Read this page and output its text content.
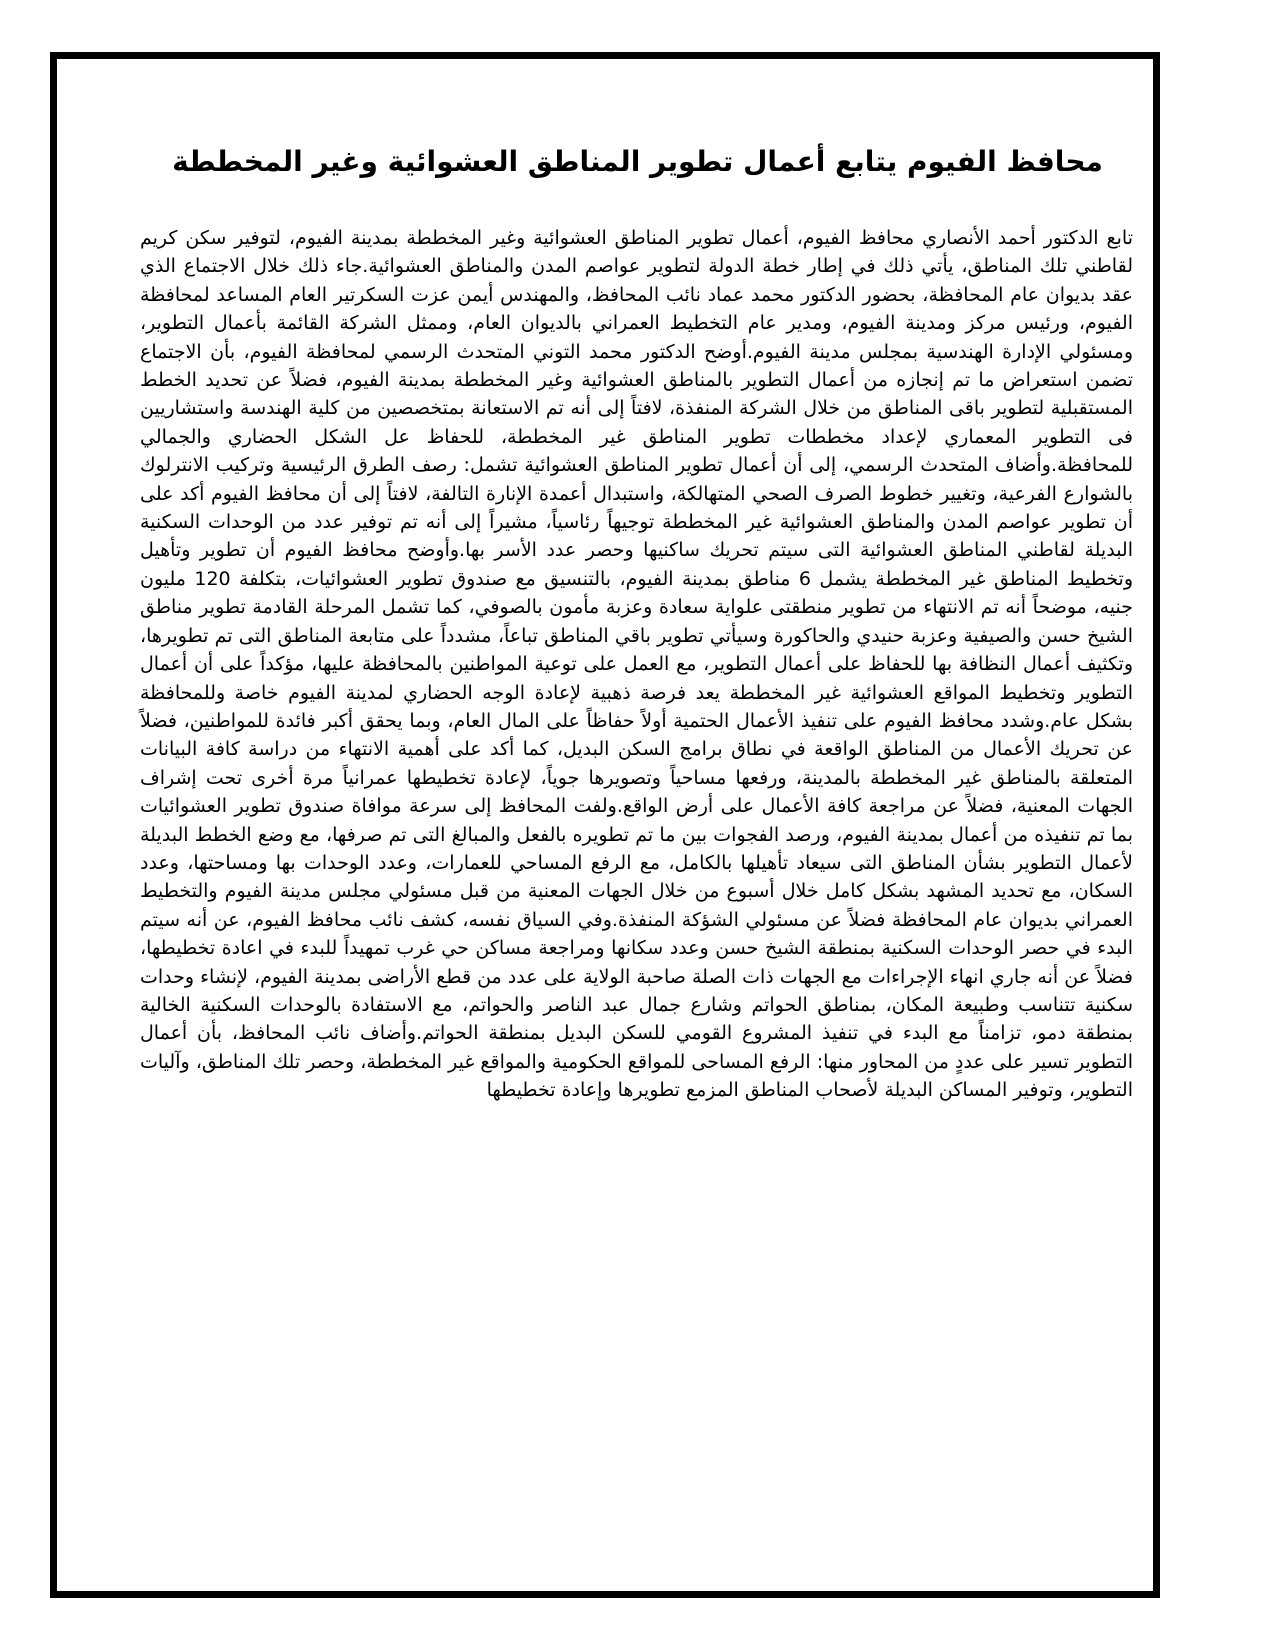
محافظ الفيوم يتابع أعمال تطوير المناطق العشوائية وغير المخططة

تابع الدكتور أحمد الأنصاري محافظ الفيوم، أعمال تطوير المناطق العشوائية وغير المخططة بمدينة الفيوم، لتوفير سكن كريم لقاطني تلك المناطق، يأتي ذلك في إطار خطة الدولة لتطوير عواصم المدن والمناطق العشوائية.جاء ذلك خلال الاجتماع الذي عقد بديوان عام المحافظة، بحضور الدكتور محمد عماد نائب المحافظ، والمهندس أيمن عزت السكرتير العام المساعد لمحافظة الفيوم، ورئيس مركز ومدينة الفيوم، ومدير عام التخطيط العمراني بالديوان العام، وممثل الشركة القائمة بأعمال التطوير، ومسئولي الإدارة الهندسية بمجلس مدينة الفيوم.أوضح الدكتور محمد التوني المتحدث الرسمي لمحافظة الفيوم، بأن الاجتماع تضمن استعراض ما تم إنجازه من أعمال التطوير بالمناطق العشوائية وغير المخططة بمدينة الفيوم، فضلاً عن تحديد الخطط المستقبلية لتطوير باقى المناطق من خلال الشركة المنفذة، لافتاً إلى أنه تم الاستعانة بمتخصصين من كلية الهندسة واستشاريين فى التطوير المعماري لإعداد مخططات تطوير المناطق غير المخططة، للحفاظ عل الشكل الحضاري والجمالي للمحافظة.وأضاف المتحدث الرسمي، إلى أن أعمال تطوير المناطق العشوائية تشمل: رصف الطرق الرئيسية وتركيب الانترلوك بالشوارع الفرعية، وتغيير خطوط الصرف الصحي المتهالكة، واستبدال أعمدة الإنارة التالفة، لافتاً إلى أن محافظ الفيوم أكد على أن تطوير عواصم المدن والمناطق العشوائية غير المخططة توجيهاً رئاسياً، مشيراً إلى أنه تم توفير عدد من الوحدات السكنية البديلة لقاطني المناطق العشوائية التى سيتم تحريك ساكنيها وحصر عدد الأسر بها.وأوضح محافظ الفيوم أن تطوير وتأهيل وتخطيط المناطق غير المخططة يشمل 6 مناطق بمدينة الفيوم، بالتنسيق مع صندوق تطوير العشوائيات، بتكلفة 120 مليون جنيه، موضحاً أنه تم الانتهاء من تطوير منطقتى علواية سعادة وعزبة مأمون بالصوفي، كما تشمل المرحلة القادمة تطوير مناطق الشيخ حسن والصيفية وعزبة حنيدي والحاكورة وسيأتي تطوير باقي المناطق تباعاً، مشدداً على متابعة المناطق التى تم تطويرها، وتكثيف أعمال النظافة بها للحفاظ على أعمال التطوير، مع العمل على توعية المواطنين بالمحافظة عليها، مؤكداً على أن أعمال التطوير وتخطيط المواقع العشوائية غير المخططة يعد فرصة ذهبية لإعادة الوجه الحضاري لمدينة الفيوم خاصة وللمحافظة بشكل عام.وشدد محافظ الفيوم على تنفيذ الأعمال الحتمية أولاً حفاظاً على المال العام، وبما يحقق أكبر فائدة للمواطنين، فضلاً عن تحريك الأعمال من المناطق الواقعة في نطاق برامج السكن البديل، كما أكد على أهمية الانتهاء من دراسة كافة البيانات المتعلقة بالمناطق غير المخططة بالمدينة، ورفعها مساحياً وتصويرها جوياً، لإعادة تخطيطها عمرانياً مرة أخرى تحت إشراف الجهات المعنية، فضلاً عن مراجعة كافة الأعمال على أرض الواقع.ولفت المحافظ إلى سرعة موافاة صندوق تطوير العشوائيات بما تم تنفيذه من أعمال بمدينة الفيوم، ورصد الفجوات بين ما تم تطويره بالفعل والمبالغ التى تم صرفها، مع وضع الخطط البديلة لأعمال التطوير بشأن المناطق التى سيعاد تأهيلها بالكامل، مع الرفع المساحي للعمارات، وعدد الوحدات بها ومساحتها، وعدد السكان، مع تحديد المشهد بشكل كامل خلال أسبوع من خلال الجهات المعنية من قبل مسئولي مجلس مدينة الفيوم والتخطيط العمراني بديوان عام المحافظة فضلاً عن مسئولي الشؤكة المنفذة.وفي السياق نفسه، كشف نائب محافظ الفيوم، عن أنه سيتم البدء في حصر الوحدات السكنية بمنطقة الشيخ حسن وعدد سكانها ومراجعة مساكن حي غرب تمهيداً للبدء في اعادة تخطيطها، فضلاً عن أنه جاري انهاء الإجراءات مع الجهات ذات الصلة صاحبة الولاية على عدد من قطع الأراضى بمدينة الفيوم، لإنشاء وحدات سكنية تتناسب وطبيعة المكان، بمناطق الحواتم وشارع جمال عبد الناصر والحواتم، مع الاستفادة بالوحدات السكنية الخالية بمنطقة دمو، تزامناً مع البدء في تنفيذ المشروع القومي للسكن البديل بمنطقة الحواتم.وأضاف نائب المحافظ، بأن أعمال التطوير تسير على عددٍ من المحاور منها: الرفع المساحى للمواقع الحكومية والمواقع غير المخططة، وحصر تلك المناطق، وآليات التطوير، وتوفير المساكن البديلة لأصحاب المناطق المزمع تطويرها وإعادة تخطيطها
